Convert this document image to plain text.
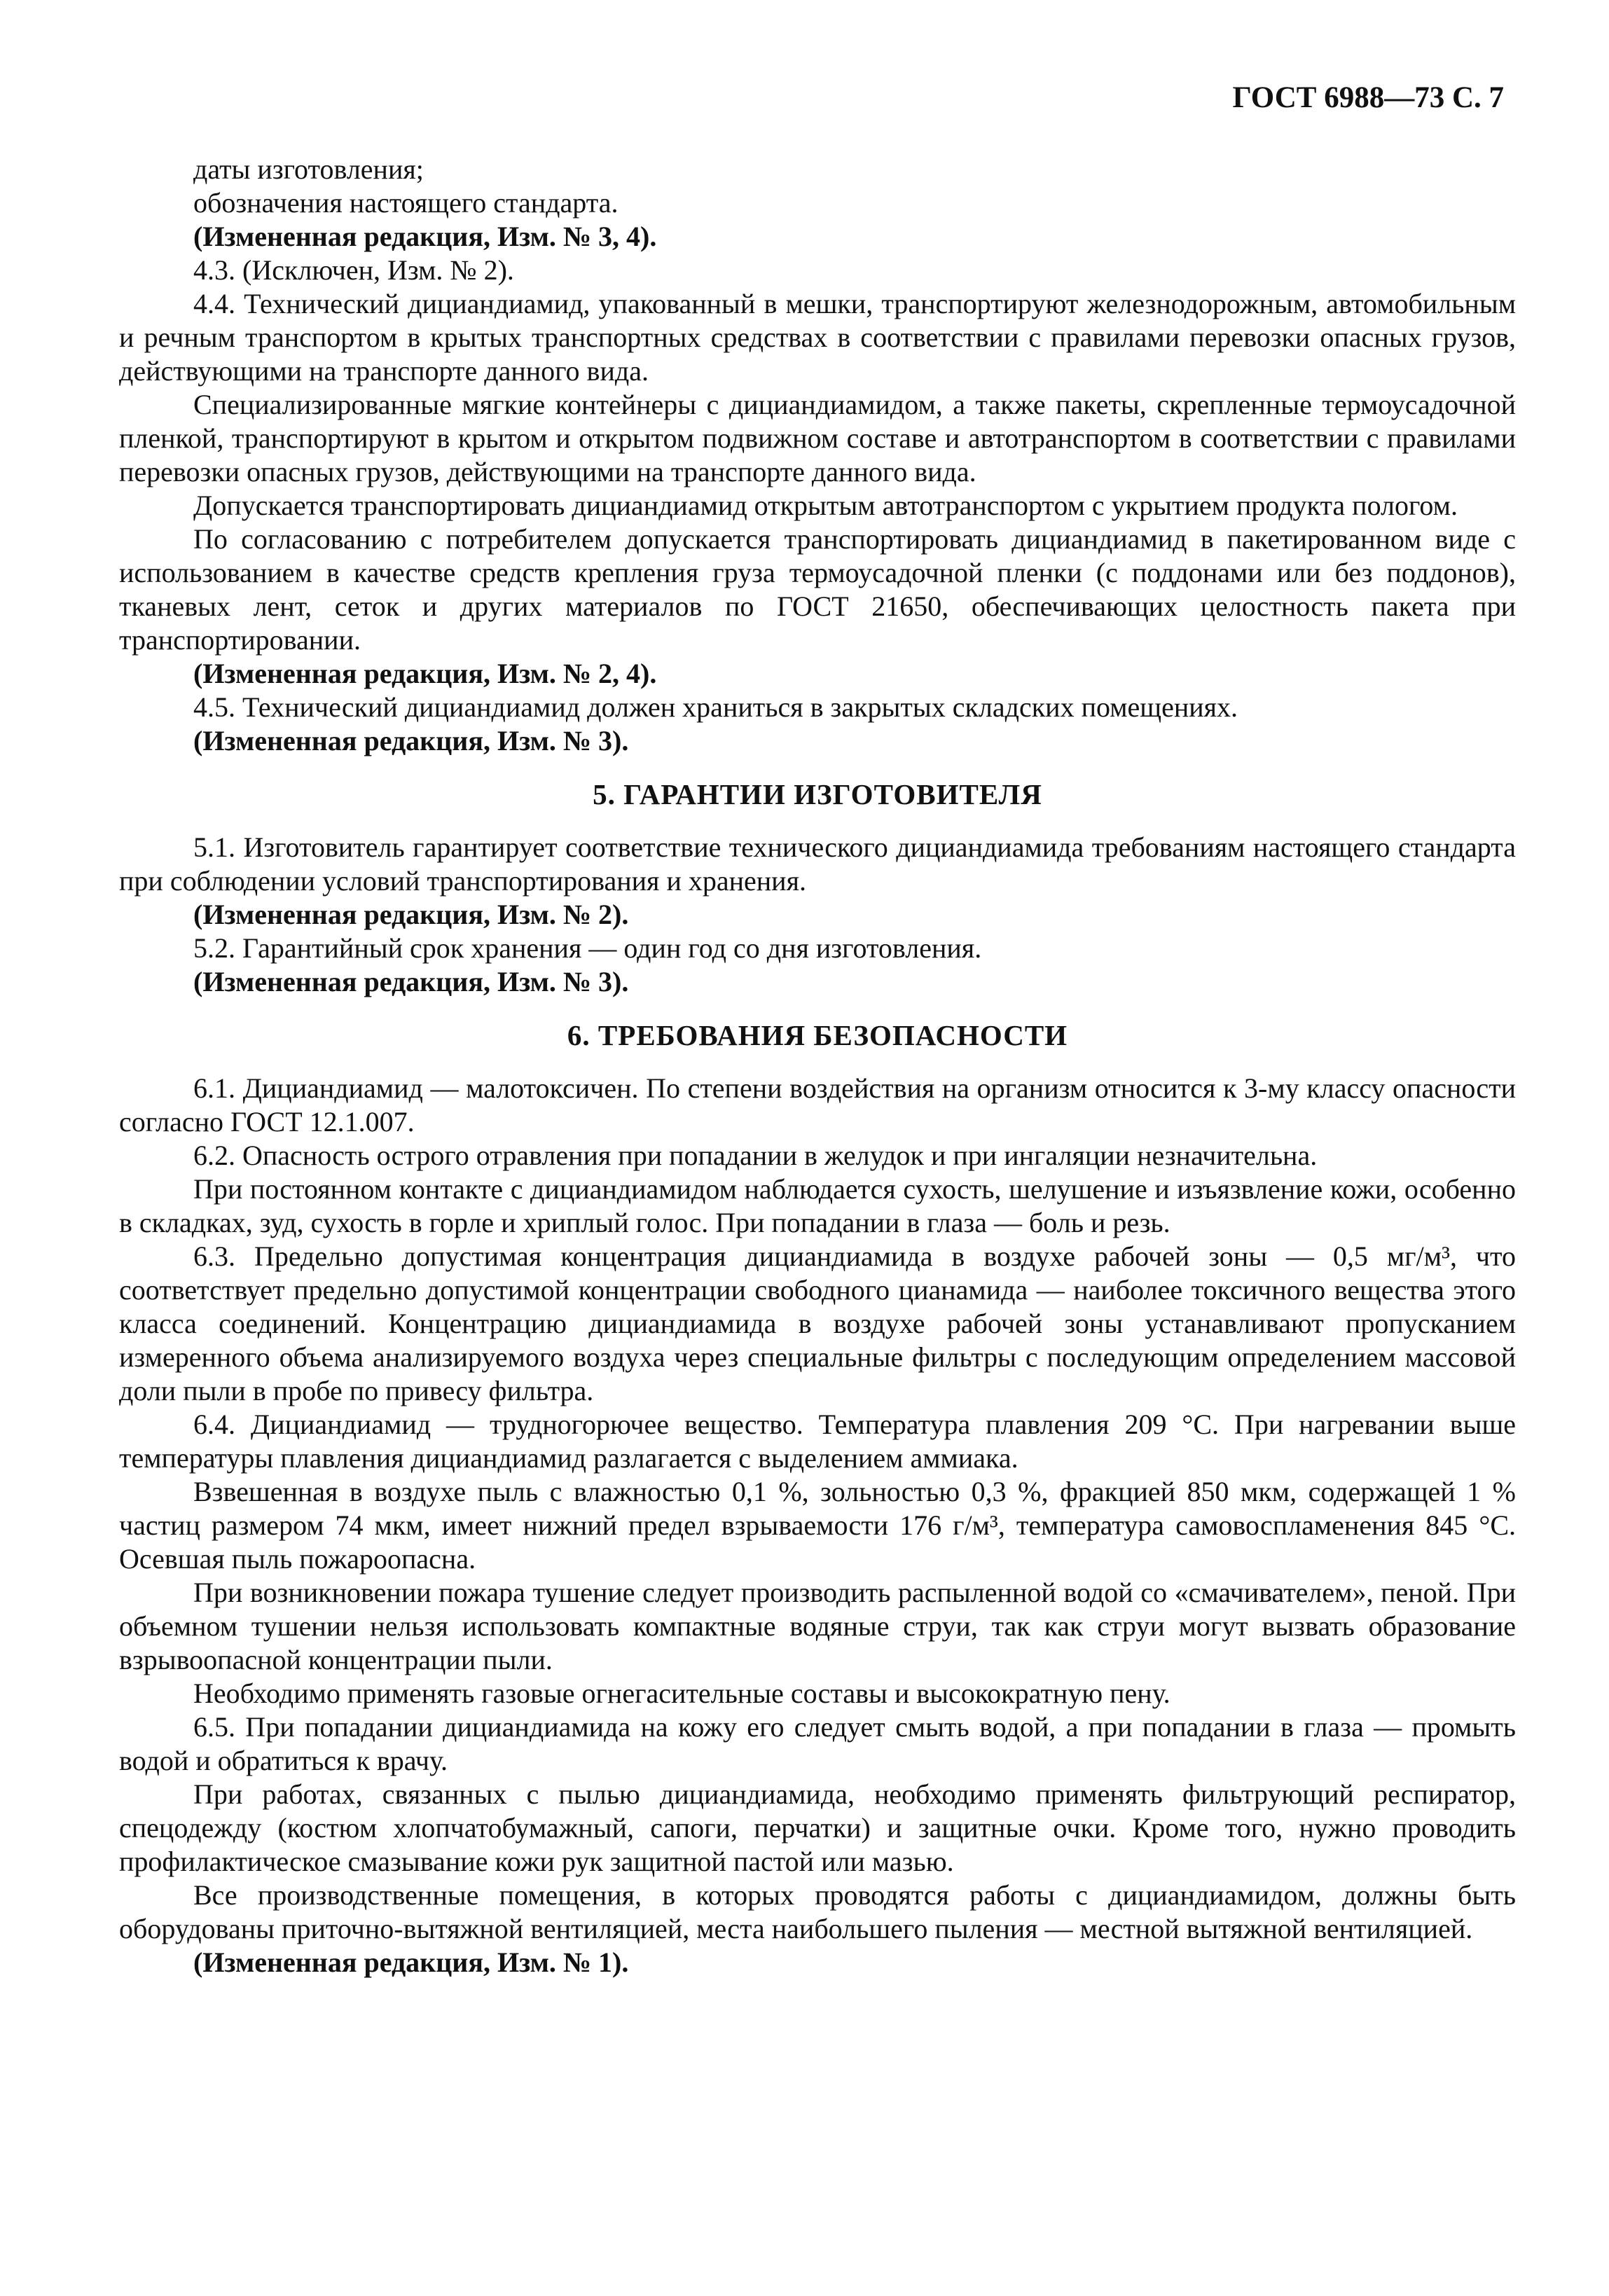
ГОСТ 6988—73 С. 7

даты изготовления;

обозначения настоящего стандарта.

(Измененная редакция, Изм. № 3, 4).

4.3. (Исключен, Изм. № 2).

4.4. Технический дициандиамид, упакованный в мешки, транспортируют железнодорожным, автомобильным и речным транспортом в крытых транспортных средствах в соответствии с правилами перевозки опасных грузов, действующими на транспорте данного вида.

Специализированные мягкие контейнеры с дициандиамидом, а также пакеты, скрепленные термоусадочной пленкой, транспортируют в крытом и открытом подвижном составе и автотранспортом в соответствии с правилами перевозки опасных грузов, действующими на транспорте данного вида.

Допускается транспортировать дициандиамид открытым автотранспортом с укрытием продукта пологом.

По согласованию с потребителем допускается транспортировать дициандиамид в пакетированном виде с использованием в качестве средств крепления груза термоусадочной пленки (с поддонами или без поддонов), тканевых лент, сеток и других материалов по ГОСТ 21650, обеспечивающих целостность пакета при транспортировании.

(Измененная редакция, Изм. № 2, 4).

4.5. Технический дициандиамид должен храниться в закрытых складских помещениях.

(Измененная редакция, Изм. № 3).

5. ГАРАНТИИ ИЗГОТОВИТЕЛЯ

5.1. Изготовитель гарантирует соответствие технического дициандиамида требованиям настоящего стандарта при соблюдении условий транспортирования и хранения.

(Измененная редакция, Изм. № 2).

5.2. Гарантийный срок хранения — один год со дня изготовления.

(Измененная редакция, Изм. № 3).

6. ТРЕБОВАНИЯ БЕЗОПАСНОСТИ

6.1. Дициандиамид — малотоксичен. По степени воздействия на организм относится к 3-му классу опасности согласно ГОСТ 12.1.007.

6.2. Опасность острого отравления при попадании в желудок и при ингаляции незначительна.

При постоянном контакте с дициандиамидом наблюдается сухость, шелушение и изъязвление кожи, особенно в складках, зуд, сухость в горле и хриплый голос. При попадании в глаза — боль и резь.

6.3. Предельно допустимая концентрация дициандиамида в воздухе рабочей зоны — 0,5 мг/м³, что соответствует предельно допустимой концентрации свободного цианамида — наиболее токсичного вещества этого класса соединений. Концентрацию дициандиамида в воздухе рабочей зоны устанавливают пропусканием измеренного объема анализируемого воздуха через специальные фильтры с последующим определением массовой доли пыли в пробе по привесу фильтра.

6.4. Дициандиамид — трудногорючее вещество. Температура плавления 209 °С. При нагревании выше температуры плавления дициандиамид разлагается с выделением аммиака.

Взвешенная в воздухе пыль с влажностью 0,1 %, зольностью 0,3 %, фракцией 850 мкм, содержащей 1 % частиц размером 74 мкм, имеет нижний предел взрываемости 176 г/м³, температура самовоспламенения 845 °С. Осевшая пыль пожароопасна.

При возникновении пожара тушение следует производить распыленной водой со «смачивателем», пеной. При объемном тушении нельзя использовать компактные водяные струи, так как струи могут вызвать образование взрывоопасной концентрации пыли.

Необходимо применять газовые огнегасительные составы и высокократную пену.

6.5. При попадании дициандиамида на кожу его следует смыть водой, а при попадании в глаза — промыть водой и обратиться к врачу.

При работах, связанных с пылью дициандиамида, необходимо применять фильтрующий респиратор, спецодежду (костюм хлопчатобумажный, сапоги, перчатки) и защитные очки. Кроме того, нужно проводить профилактическое смазывание кожи рук защитной пастой или мазью.

Все производственные помещения, в которых проводятся работы с дициандиамидом, должны быть оборудованы приточно-вытяжной вентиляцией, места наибольшего пыления — местной вытяжной вентиляцией.

(Измененная редакция, Изм. № 1).
